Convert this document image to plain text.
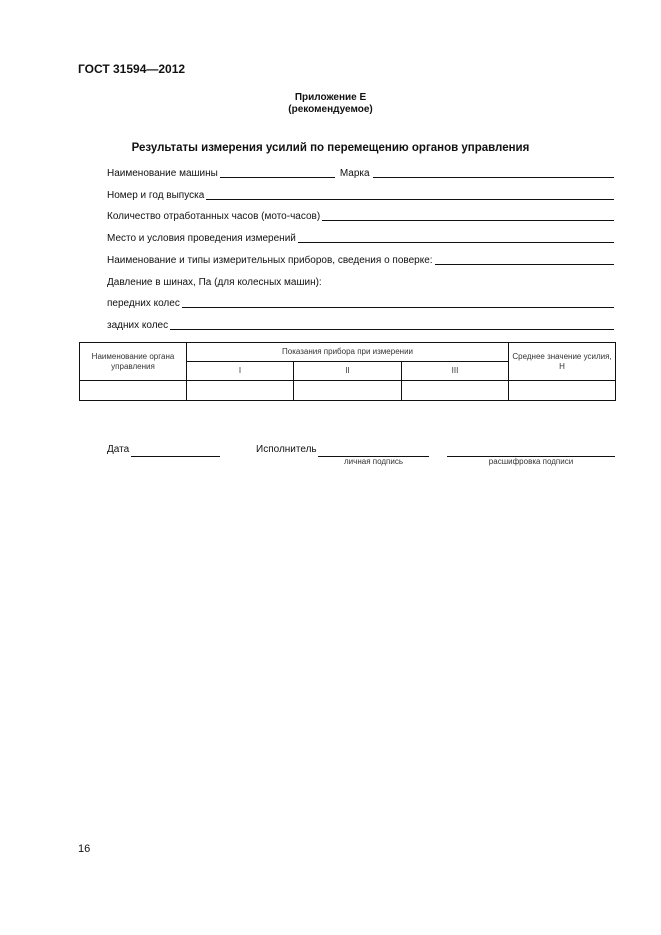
ГОСТ 31594—2012
Приложение Е
(рекомендуемое)
Результаты измерения усилий по перемещению органов управления
Наименование машины	Марка
Номер и год выпуска
Количество отработанных часов (мото-часов)
Место и условия проведения измерений
Наименование и типы измерительных приборов, сведения о поверке:
Давление в шинах, Па (для колесных машин):
передних колес
задних колес
Наименование органа управления	Показания прибора при измерении			Среднее значение усилия, Н
	I	II	III	

Дата	Исполнитель
личная подпись	расшифровка подписи
16
